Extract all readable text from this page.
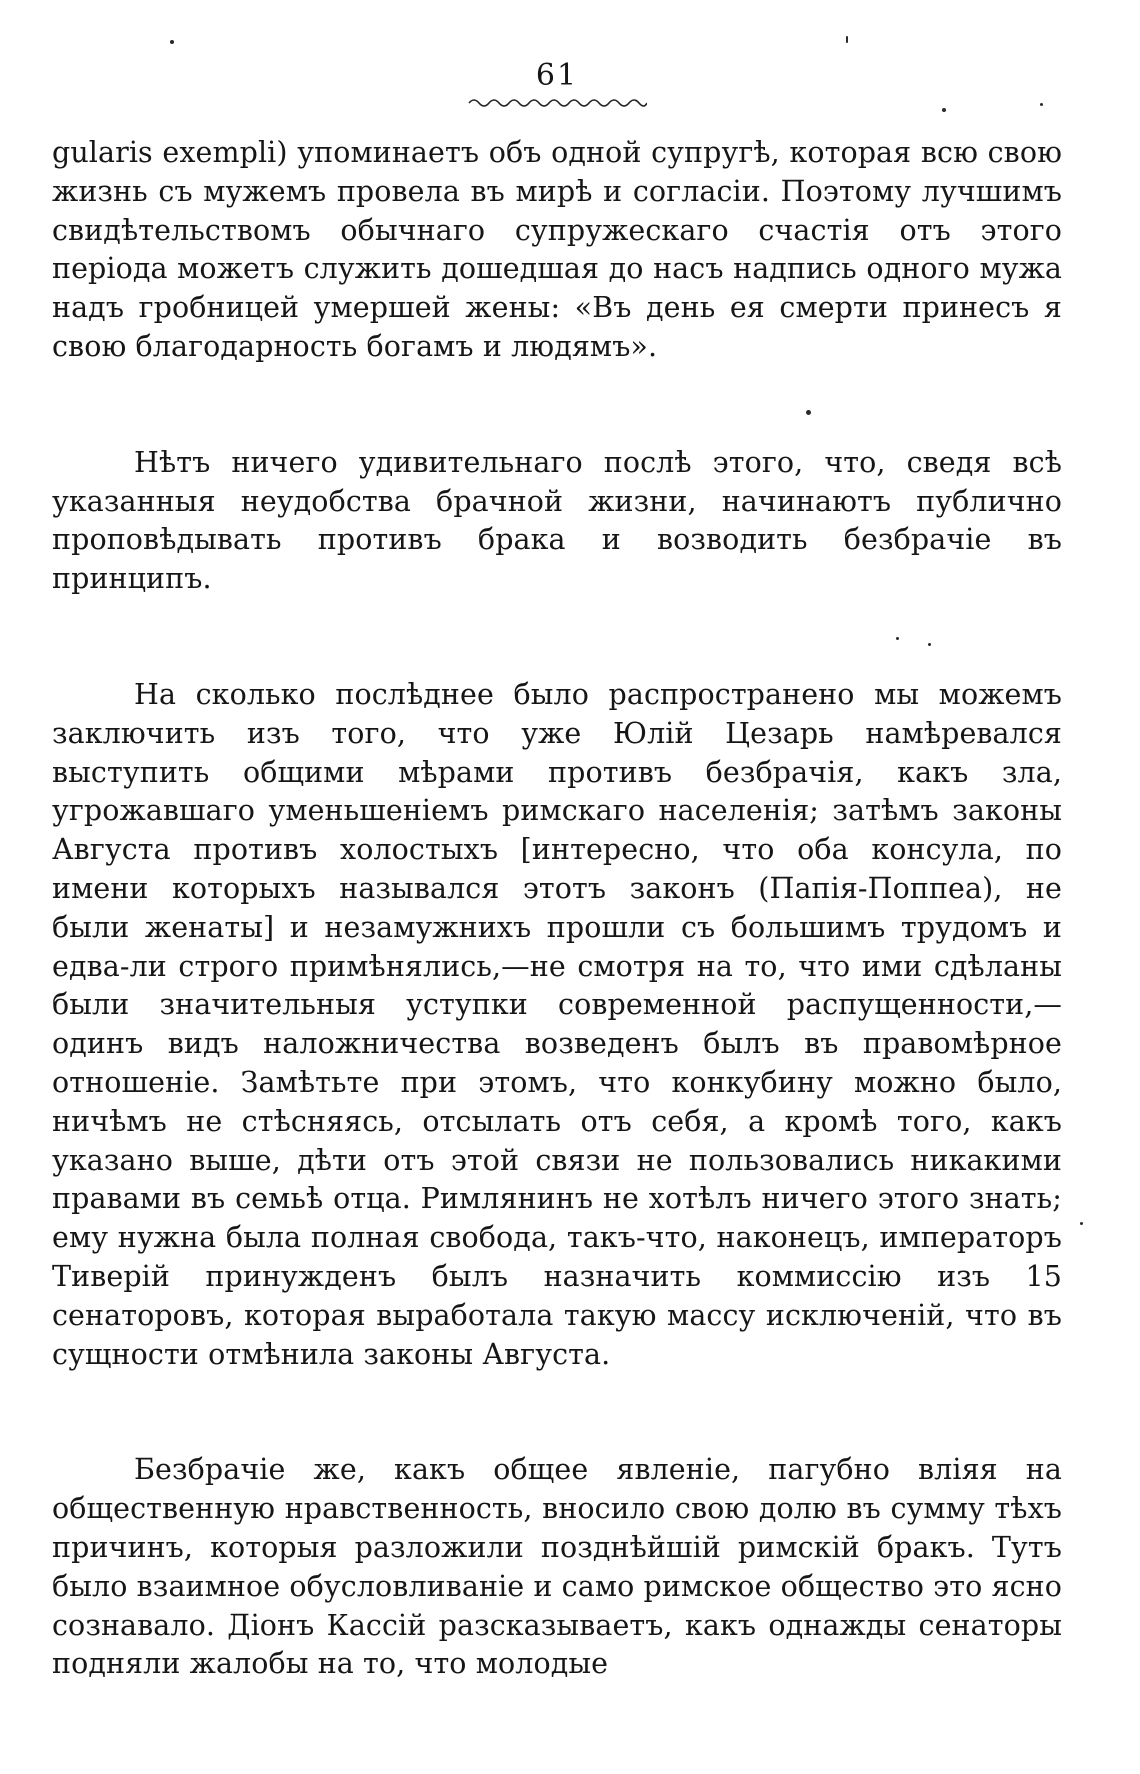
61

gularis exempli) упоминаетъ объ одной супругѣ, которая всю свою жизнь съ мужемъ провела въ мирѣ и согласіи. Поэтому лучшимъ свидѣтельствомъ обычнаго супружескаго счастія отъ этого періода можетъ служить дошедшая до насъ надпись одного мужа надъ гробницей умершей жены: «Въ день ея смерти принесъ я свою благодарность богамъ и людямъ».

Нѣтъ ничего удивительнаго послѣ этого, что, сведя всѣ указанныя неудобства брачной жизни, начинаютъ публично проповѣдывать противъ брака и возводить безбрачіе въ принципъ.

На сколько послѣднее было распространено мы можемъ заключить изъ того, что уже Юлій Цезарь намѣревался выступить общими мѣрами противъ безбрачія, какъ зла, угрожавшаго уменьшеніемъ римскаго населенія; затѣмъ законы Августа противъ холостыхъ [интересно, что оба консула, по имени которыхъ назывался этотъ законъ (Папія-Поппеа), не были женаты] и незамужнихъ прошли съ большимъ трудомъ и едва-ли строго примѣнялись,—не смотря на то, что ими сдѣланы были значительныя уступки современной распущенности,—одинъ видъ наложничества возведенъ былъ въ правомѣрное отношеніе. Замѣтьте при этомъ, что конкубину можно было, ничѣмъ не стѣсняясь, отсылать отъ себя, а кромѣ того, какъ указано выше, дѣти отъ этой связи не пользовались никакими правами въ семьѣ отца. Римлянинъ не хотѣлъ ничего этого знать; ему нужна была полная свобода, такъ-что, наконецъ, императоръ Тиверій принужденъ былъ назначить коммиссію изъ 15 сенаторовъ, которая выработала такую массу исключеній, что въ сущности отмѣнила законы Августа.

Безбрачіе же, какъ общее явленіе, пагубно вліяя на общественную нравственность, вносило свою долю въ сумму тѣхъ причинъ, которыя разложили позднѣйшій римскій бракъ. Тутъ было взаимное обусловливаніе и само римское общество это ясно сознавало. Діонъ Кассій разсказываетъ, какъ однажды сенаторы подняли жалобы на то, что молодые
